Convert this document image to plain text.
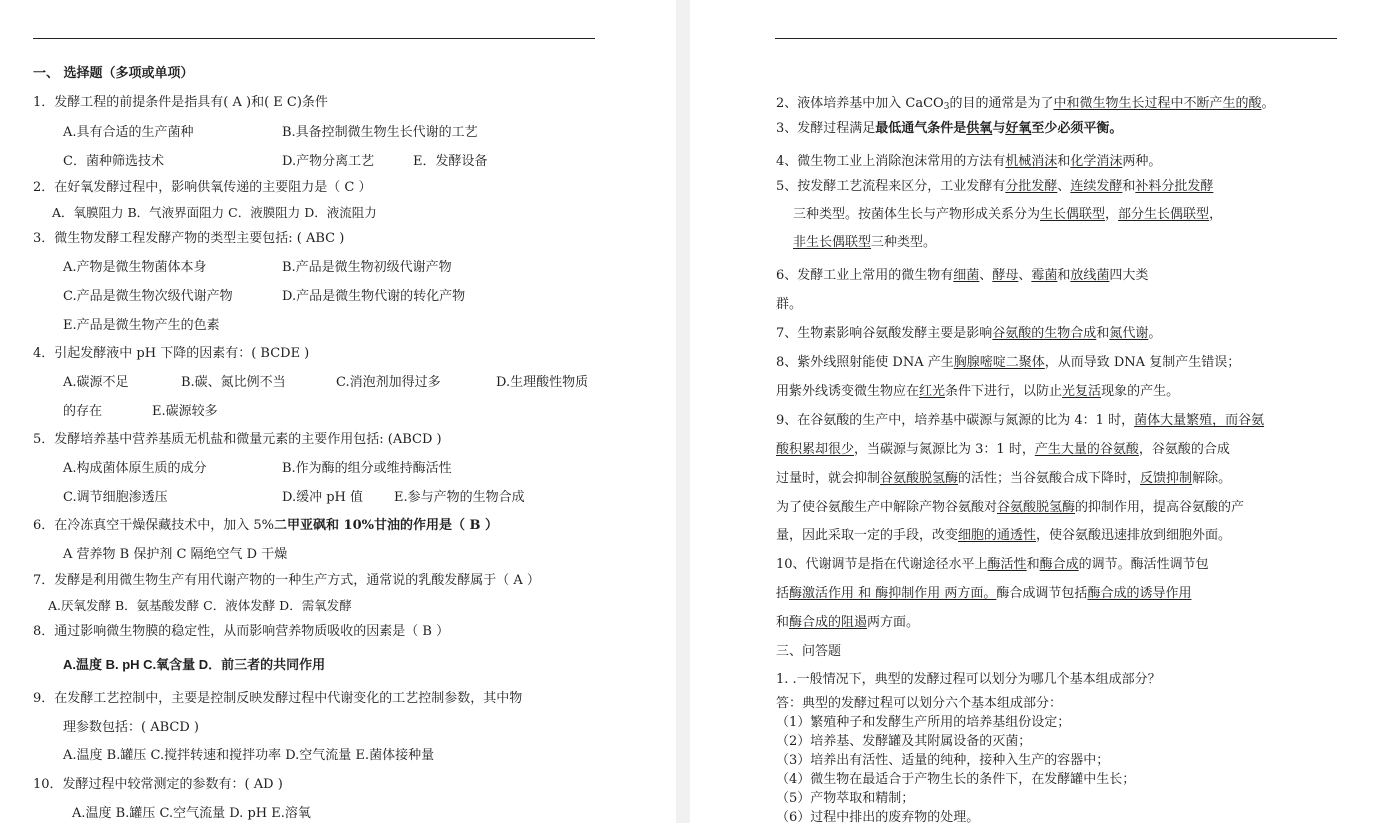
一、 选择题（多项或单项）
1．发酵工程的前提条件是指具有( A )和( E C)条件
A.具有合适的生产菌种	B.具备控制微生物生长代谢的工艺
C．菌种筛选技术	D.产物分离工艺	E．发酵设备
2．在好氧发酵过程中，影响供氧传递的主要阻力是（ C ）
A．氧膜阻力 B．气液界面阻力 C．液膜阻力 D．液流阻力
3．微生物发酵工程发酵产物的类型主要包括: ( ABC )
A.产物是微生物菌体本身	B.产品是微生物初级代谢产物
C.产品是微生物次级代谢产物	D.产品是微生物代谢的转化产物
E.产品是微生物产生的色素
4．引起发酵液中 pH 下降的因素有：( BCDE )
A.碳源不足	B.碳、氮比例不当	C.消泡剂加得过多	D.生理酸性物质
的存在	E.碳源较多
5．发酵培养基中营养基质无机盐和微量元素的主要作用包括: (ABCD )
A.构成菌体原生质的成分	B.作为酶的组分或维持酶活性
C.调节细胞渗透压	D.缓冲 pH 值 E.参与产物的生物合成
6．在冷冻真空干燥保藏技术中，加入 5%二甲亚砜和 10%甘油的作用是（ B ）
A 营养物 B 保护剂 C 隔绝空气 D 干燥
7．发酵是利用微生物生产有用代谢产物的一种生产方式，通常说的乳酸发酵属于（ A ）
A.厌氧发酵 B．氨基酸发酵 C．液体发酵 D．需氧发酵
8．通过影响微生物膜的稳定性，从而影响营养物质吸收的因素是（ B ）
A.温度 B. pH C.氧含量 D．前三者的共同作用
9．在发酵工艺控制中，主要是控制反映发酵过程中代谢变化的工艺控制参数，其中物
理参数包括：( ABCD )
A.温度 B.罐压 C.搅拌转速和搅拌功率 D.空气流量 E.菌体接种量
10．发酵过程中较常测定的参数有：( AD )
A.温度 B.罐压 C.空气流量 D. pH E.溶氧
2、液体培养基中加入 CaCO3的目的通常是为了中和微生物生长过程中不断产生的酸。
3、发酵过程满足最低通气条件是供氧与好氧至少必须平衡。
4、微生物工业上消除泡沫常用的方法有机械消沫和化学消沫两种。
5、按发酵工艺流程来区分，工业发酵有分批发酵、连续发酵和补料分批发酵
三种类型。按菌体生长与产物形成关系分为生长偶联型，部分生长偶联型，
非生长偶联型三种类型。
6、发酵工业上常用的微生物有细菌、酵母、霉菌和放线菌四大类
群。
7、生物素影响谷氨酸发酵主要是影响谷氨酸的生物合成和氮代谢。
8、紫外线照射能使 DNA 产生胸腺嘧啶二聚体，从而导致 DNA 复制产生错误；
用紫外线诱变微生物应在红光条件下进行，以防止光复活现象的产生。
9、在谷氨酸的生产中，培养基中碳源与氮源的比为 4：1 时，菌体大量繁殖，而谷氨
酸积累却很少，当碳源与氮源比为 3：1 时，产生大量的谷氨酸，谷氨酸的合成
过量时，就会抑制谷氨酸脱氢酶的活性；当谷氨酸合成下降时，反馈抑制解除。
为了使谷氨酸生产中解除产物谷氨酸对谷氨酸脱氢酶的抑制作用，提高谷氨酸的产
量，因此采取一定的手段，改变细胞的通透性，使谷氨酸迅速排放到细胞外面。
10、代谢调节是指在代谢途径水平上酶活性和酶合成的调节。酶活性调节包
括酶激活作用 和 酶抑制作用 两方面。酶合成调节包括酶合成的诱导作用
和酶合成的阻遏两方面。
三、问答题
1. .一般情况下，典型的发酵过程可以划分为哪几个基本组成部分？
答：典型的发酵过程可以划分六个基本组成部分：
（1）繁殖种子和发酵生产所用的培养基组份设定；
（2）培养基、发酵罐及其附属设备的灭菌；
（3）培养出有活性、适量的纯种，接种入生产的容器中；
（4）微生物在最适合于产物生长的条件下，在发酵罐中生长；
（5）产物萃取和精制；
（6）过程中排出的废弃物的处理。
